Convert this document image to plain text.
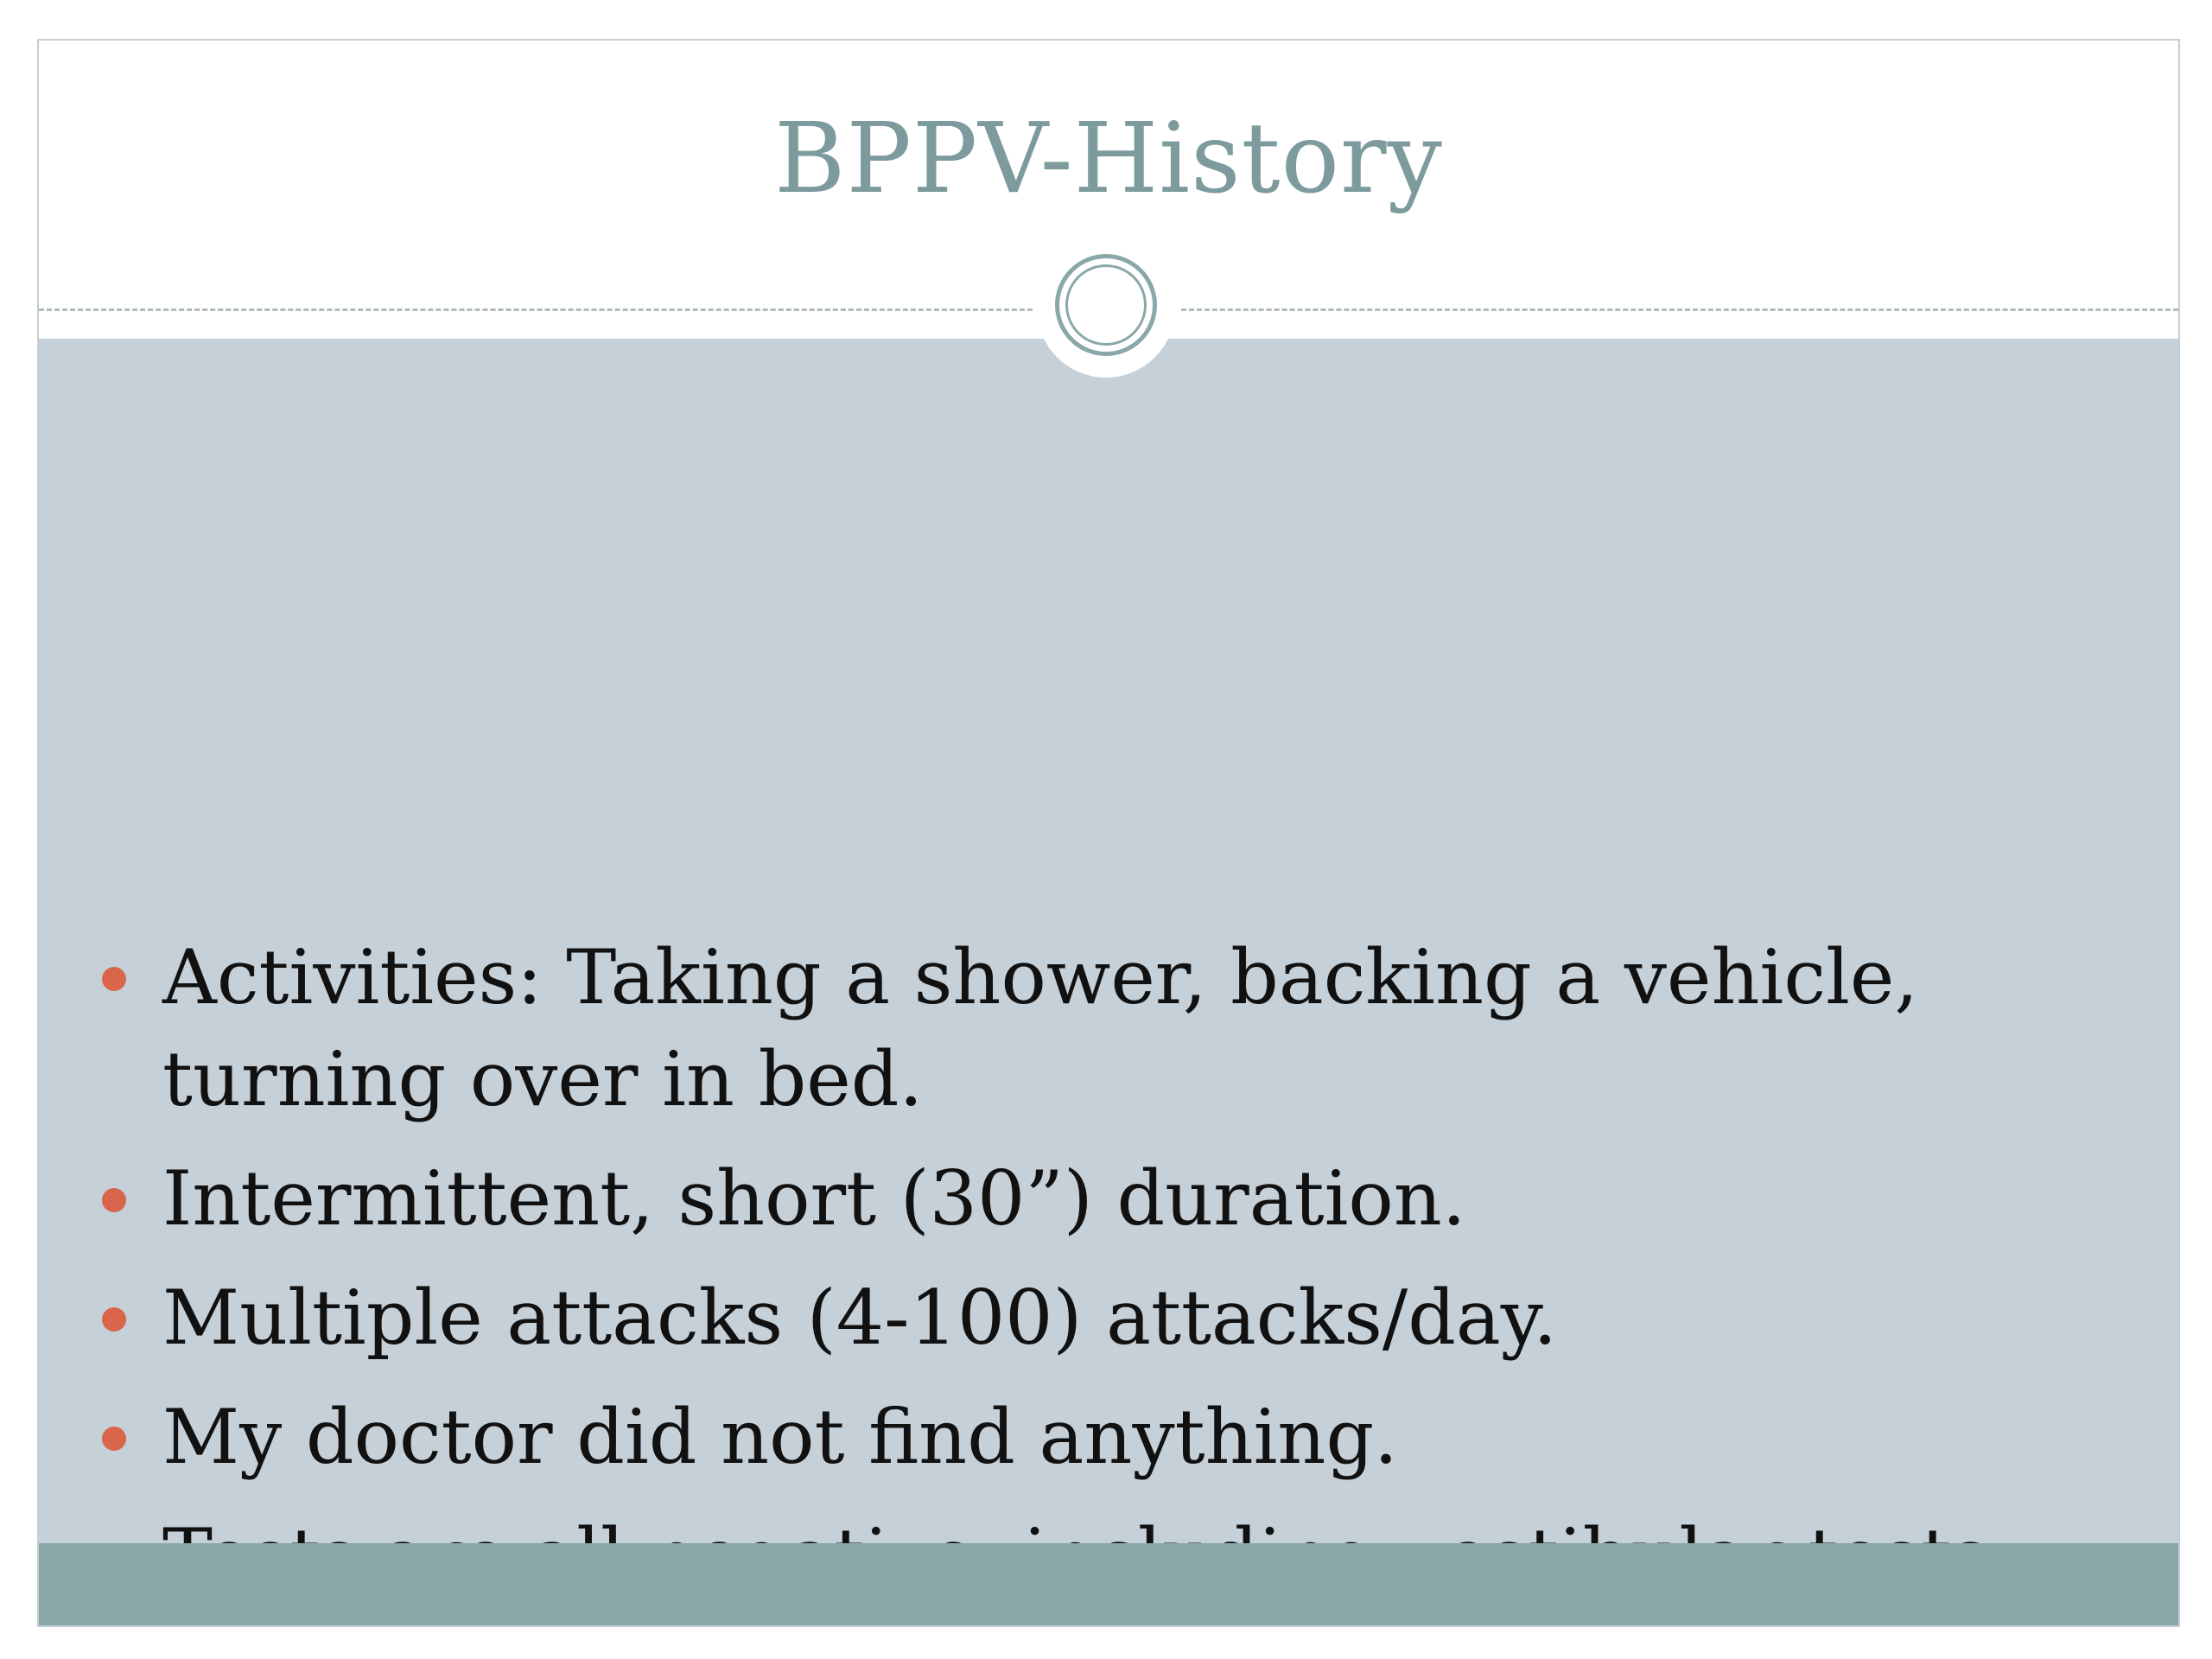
BPPV-History
Activities: Taking a shower, backing a vehicle, turning over in bed.
Intermittent, short (30”) duration.
Multiple attacks (4-100) attacks/day.
My doctor did not find anything.
